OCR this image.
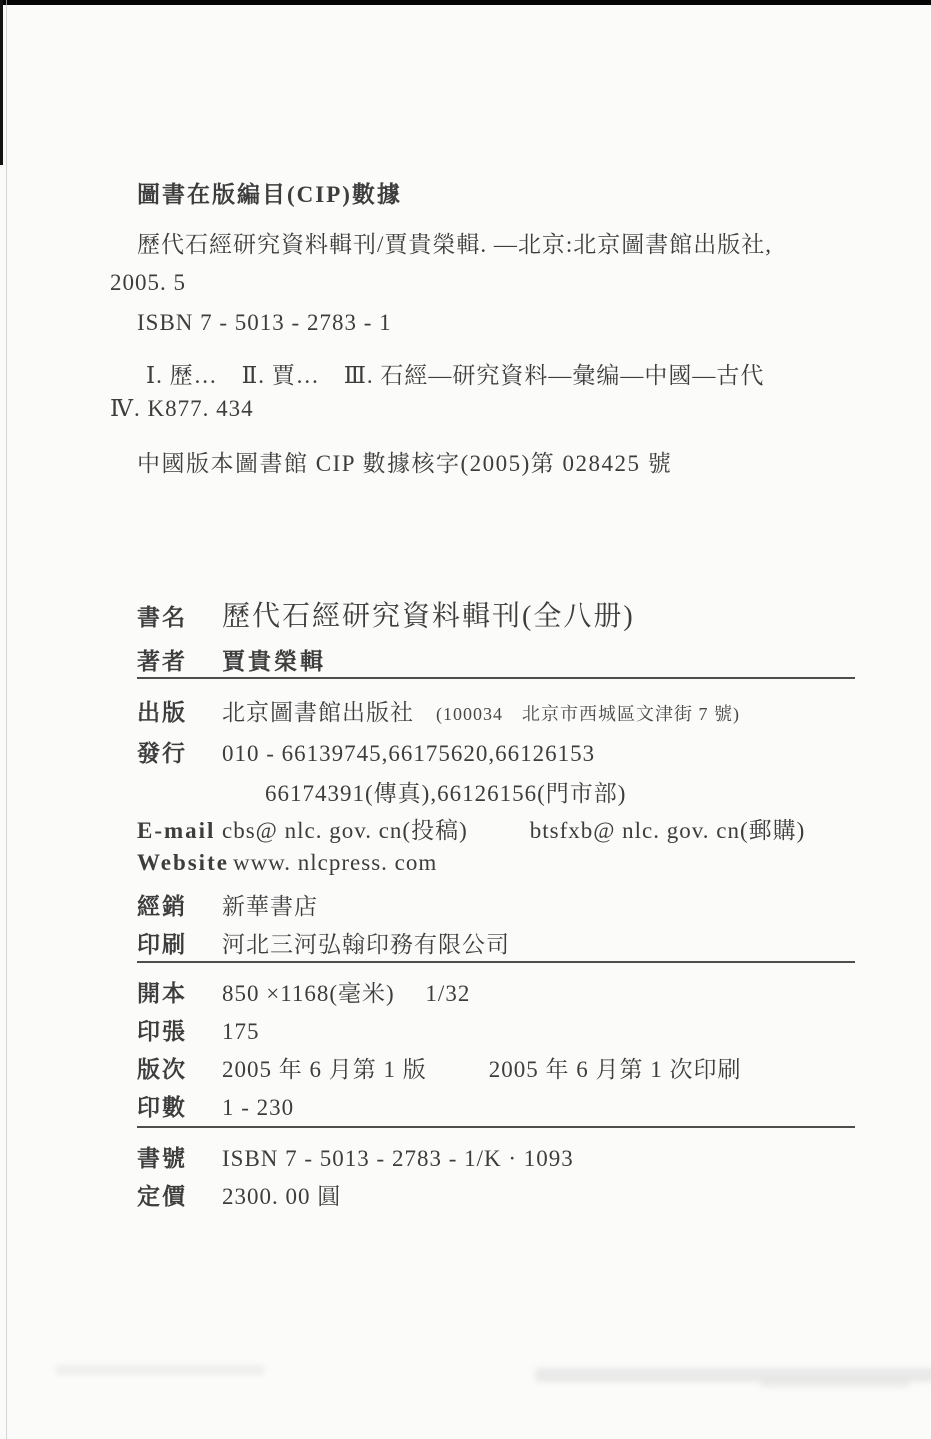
圖書在版編目(CIP)數據
歷代石經研究資料輯刊/賈貴榮輯. —北京:北京圖書館出版社,
2005. 5
ISBN 7 - 5013 - 2783 - 1
Ⅰ. 歷…　Ⅱ. 賈…　Ⅲ. 石經—研究資料—彙编—中國—古代
Ⅳ. K877. 434
中國版本圖書館 CIP 數據核字(2005)第 028425 號
書名 歷代石經研究資料輯刊(全八册)
著者 賈貴榮輯
出版 北京圖書館出版社 (100034　北京市西城區文津街 7 號)
發行 010 - 66139745,66175620,66126153
66174391(傳真),66126156(門市部)
E-mail cbs@ nlc. gov. cn(投稿)	btsfxb@ nlc. gov. cn(郵購)
Website www. nlcpress. com
經銷 新華書店
印刷 河北三河弘翰印務有限公司
開本 850 ×1168(毫米)　 1/32
印張 175
版次 2005 年 6 月第 1 版	2005 年 6 月第 1 次印刷
印數 1 - 230
書號 ISBN 7 - 5013 - 2783 - 1/K · 1093
定價 2300. 00 圓
